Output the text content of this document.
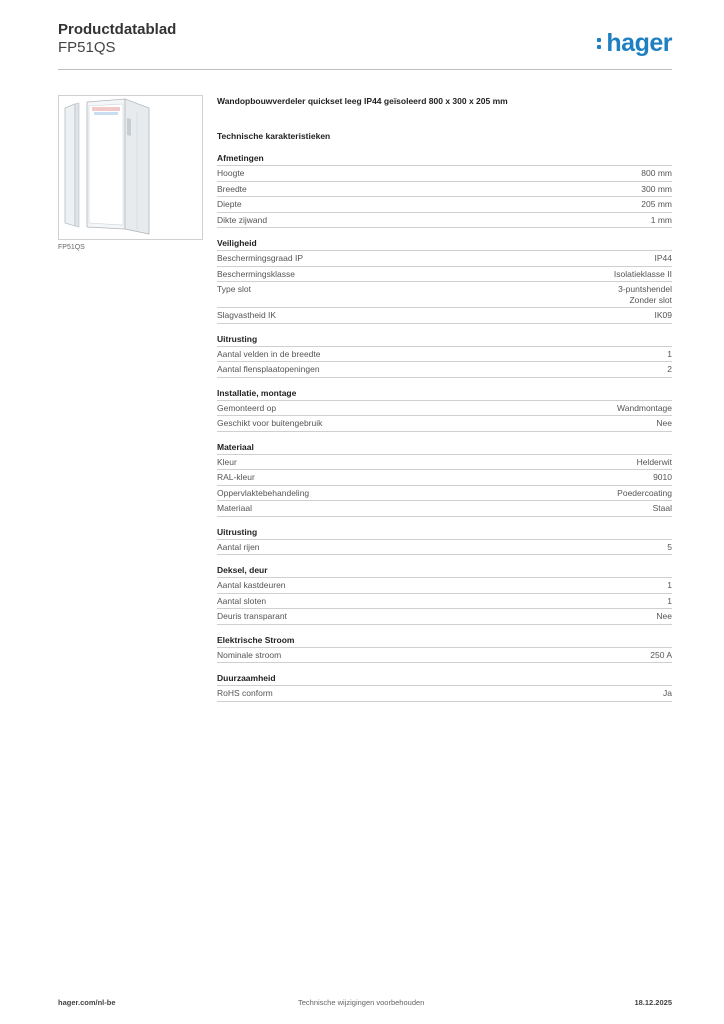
Productdatablad
FP51QS	hager
FP51QS
Wandopbouwverdeler quickset leeg IP44 geïsoleerd 800 x 300 x 205 mm
Technische karakteristieken
Afmetingen
Hoogte	800 mm
Breedte	300 mm
Diepte	205 mm
Dikte zijwand	1 mm
Veiligheid
Beschermingsgraad IP	IP44
Beschermingsklasse	Isolatieklasse II
Type slot	3-puntshendel
Zonder slot
Slagvastheid IK	IK09
Uitrusting
Aantal velden in de breedte	1
Aantal flensplaatopeningen	2
Installatie, montage
Gemonteerd op	Wandmontage
Geschikt voor buitengebruik	Nee
Materiaal
Kleur	Helderwit
RAL-kleur	9010
Oppervlaktebehandeling	Poedercoating
Materiaal	Staal
Uitrusting
Aantal rijen	5
Deksel, deur
Aantal kastdeuren	1
Aantal sloten	1
Deuris transparant	Nee
Elektrische Stroom
Nominale stroom	250 A
Duurzaamheid
RoHS conform	Ja
hager.com/nl-be	Technische wijzigingen voorbehouden	18.12.2025
